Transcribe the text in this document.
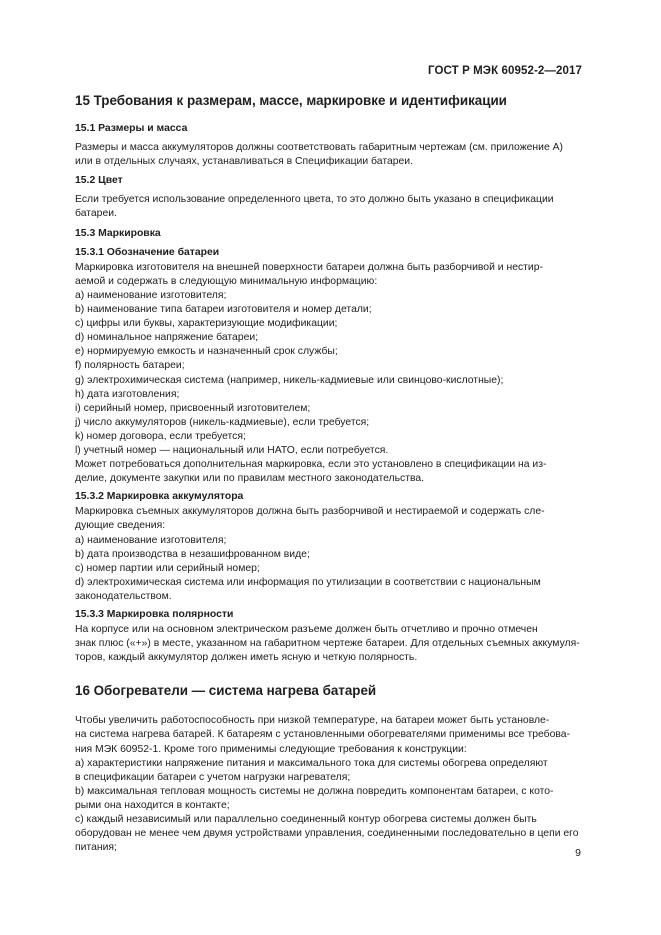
ГОСТ Р МЭК 60952-2—2017
15 Требования к размерам, массе, маркировке и идентификации
15.1 Размеры и масса
Размеры и масса аккумуляторов должны соответствовать габаритным чертежам (см. приложение А)
или в отдельных случаях, устанавливаться в Спецификации батареи.
15.2 Цвет
Если требуется использование определенного цвета, то это должно быть указано в спецификации
батареи.
15.3 Маркировка
15.3.1 Обозначение батареи
Маркировка изготовителя на внешней поверхности батареи должна быть разборчивой и нестир-
аемой и содержать в следующую минимальную информацию:
a) наименование изготовителя;
b) наименование типа батареи изготовителя и номер детали;
c) цифры или буквы, характеризующие модификации;
d) номинальное напряжение батареи;
e) нормируемую емкость и назначенный срок службы;
f) полярность батареи;
g) электрохимическая система (например, никель-кадмиевые или свинцово-кислотные);
h) дата изготовления;
i) серийный номер, присвоенный изготовителем;
j) число аккумуляторов (никель-кадмиевые), если требуется;
k) номер договора, если требуется;
l) учетный номер — национальный или НАТО, если потребуется.
Может потребоваться дополнительная маркировка, если это установлено в спецификации на из-
делие, документе закупки или по правилам местного законодательства.
15.3.2 Маркировка аккумулятора
Маркировка съемных аккумуляторов должна быть разборчивой и нестираемой и содержать сле-
дующие сведения:
a) наименование изготовителя;
b) дата производства в незашифрованном виде;
c) номер партии или серийный номер;
d) электрохимическая система или информация по утилизации в соответствии с национальным
законодательством.
15.3.3 Маркировка полярности
На корпусе или на основном электрическом разъеме должен быть отчетливо и прочно отмечен
знак плюс («+») в месте, указанном на габаритном чертеже батареи. Для отдельных съемных аккумуля-
торов, каждый аккумулятор должен иметь ясную и четкую полярность.
16 Обогреватели — система нагрева батарей
Чтобы увеличить работоспособность при низкой температуре, на батареи может быть установле-
на система нагрева батарей. К батареям с установленными обогревателями применимы все требова-
ния МЭК 60952-1. Кроме того применимы следующие требования к конструкции:
a) характеристики напряжение питания и максимального тока для системы обогрева определяют
в спецификации батареи с учетом нагрузки нагревателя;
b) максимальная тепловая мощность системы не должна повредить компонентам батареи, с кото-
рыми она находится в контакте;
c) каждый независимый или параллельно соединенный контур обогрева системы должен быть
оборудован не менее чем двумя устройствами управления, соединенными последовательно в цепи его
питания;	9
